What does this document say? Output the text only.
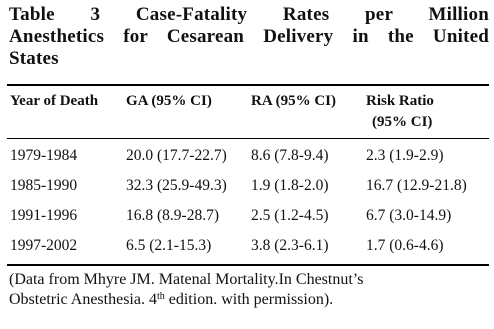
Table 3 Case-Fatality Rates per Million
Anesthetics for Cesarean Delivery in the United
States
Year of Death GA (95% CI)	RA (95% CI) Risk Ratio
(95% CI)
1979-1984	20.0 (17.7-22.7) 8.6 (7.8-9.4) 2.3 (1.9-2.9)
1985-1990	32.3 (25.9-49.3) 1.9 (1.8-2.0) 16.7 (12.9-21.8)
1991-1996	16.8 (8.9-28.7) 2.5 (1.2-4.5) 6.7 (3.0-14.9)
1997-2002	6.5 (2.1-15.3)	3.8 (2.3-6.1) 1.7 (0.6-4.6)
(Data from Mhyre JM. Matenal Mortality.In Chestnut’s
Obstetric Anesthesia. 4th edition. with permission).
